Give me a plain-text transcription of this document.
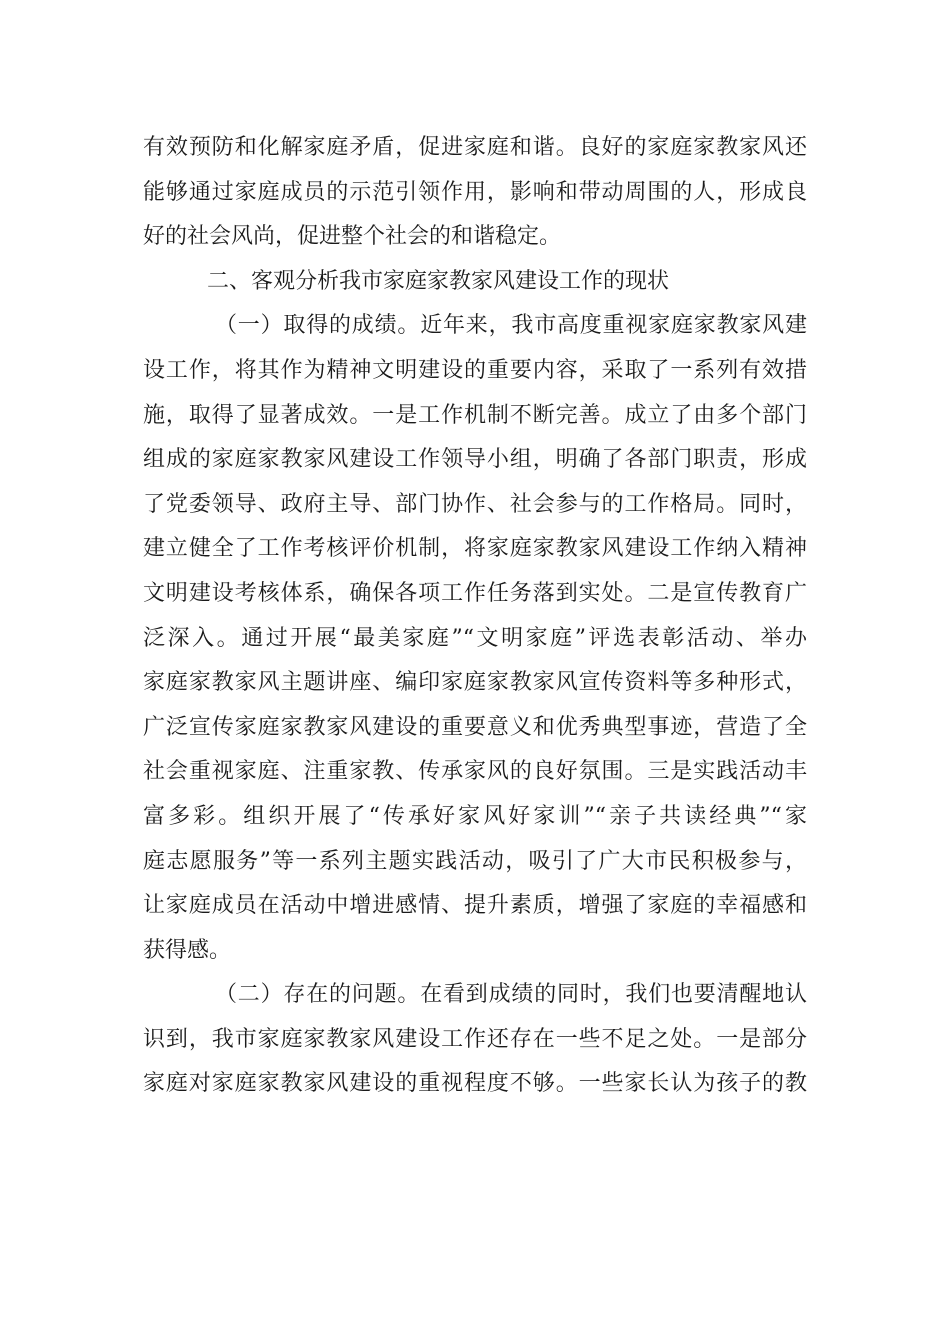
有效预防和化解家庭矛盾，促进家庭和谐。良好的家庭家教家风还
能够通过家庭成员的示范引领作用，影响和带动周围的人，形成良
好的社会风尚，促进整个社会的和谐稳定。
二、客观分析我市家庭家教家风建设工作的现状
（一）取得的成绩。近年来，我市高度重视家庭家教家风建
设工作，将其作为精神文明建设的重要内容，采取了一系列有效措
施，取得了显著成效。一是工作机制不断完善。成立了由多个部门
组成的家庭家教家风建设工作领导小组，明确了各部门职责，形成
了党委领导、政府主导、部门协作、社会参与的工作格局。同时，
建立健全了工作考核评价机制，将家庭家教家风建设工作纳入精神
文明建设考核体系，确保各项工作任务落到实处。二是宣传教育广
泛深入。通过开展“最美家庭”“文明家庭”评选表彰活动、举办
家庭家教家风主题讲座、编印家庭家教家风宣传资料等多种形式，
广泛宣传家庭家教家风建设的重要意义和优秀典型事迹，营造了全
社会重视家庭、注重家教、传承家风的良好氛围。三是实践活动丰
富多彩。组织开展了“传承好家风好家训”“亲子共读经典”“家
庭志愿服务”等一系列主题实践活动，吸引了广大市民积极参与，
让家庭成员在活动中增进感情、提升素质，增强了家庭的幸福感和
获得感。
（二）存在的问题。在看到成绩的同时，我们也要清醒地认
识到，我市家庭家教家风建设工作还存在一些不足之处。一是部分
家庭对家庭家教家风建设的重视程度不够。一些家长认为孩子的教
